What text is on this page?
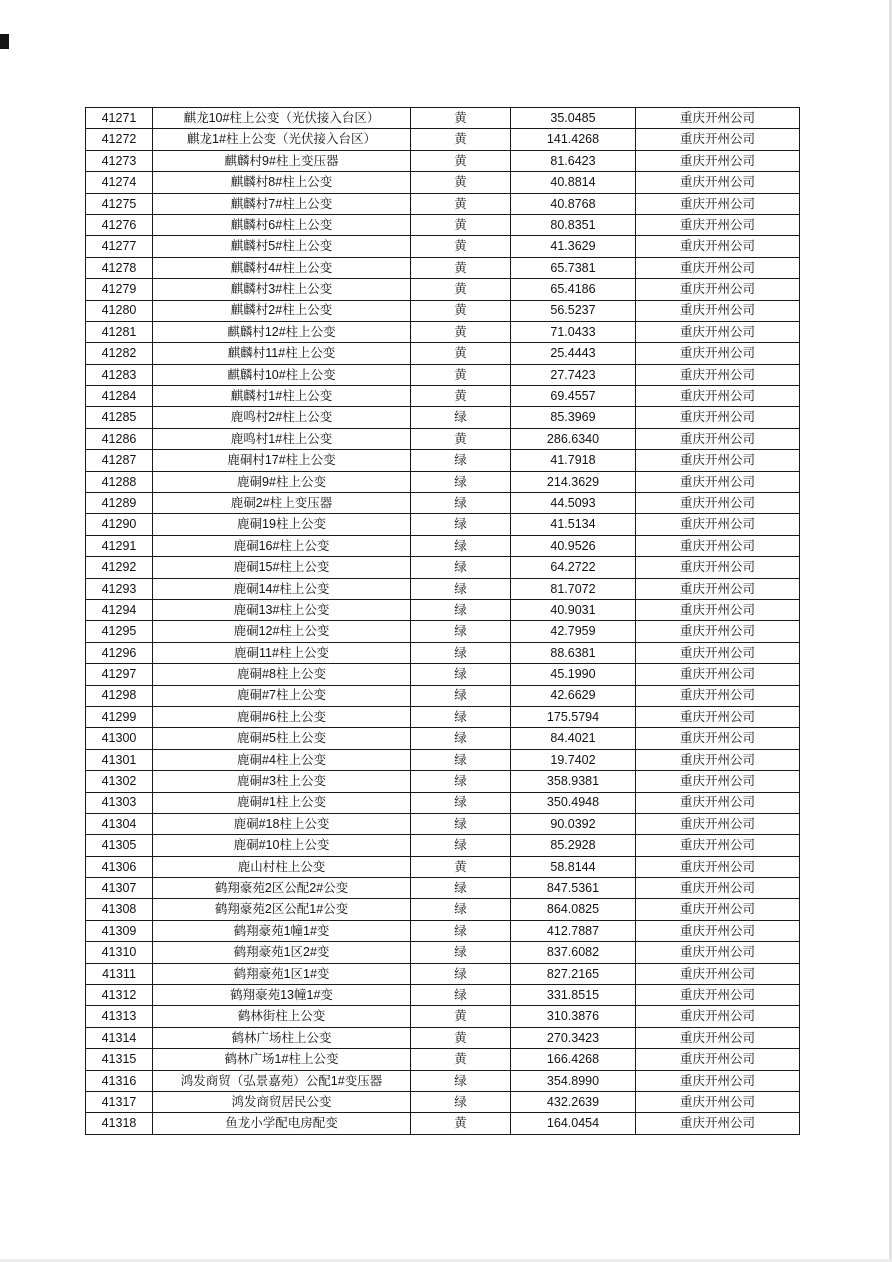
41271	麒龙10#柱上公变（光伏接入台区）	黄	35.0485	重庆开州公司
41272	麒龙1#柱上公变（光伏接入台区）	黄	141.4268	重庆开州公司
41273	麒麟村9#柱上变压器	黄	81.6423	重庆开州公司
41274	麒麟村8#柱上公变	黄	40.8814	重庆开州公司
41275	麒麟村7#柱上公变	黄	40.8768	重庆开州公司
41276	麒麟村6#柱上公变	黄	80.8351	重庆开州公司
41277	麒麟村5#柱上公变	黄	41.3629	重庆开州公司
41278	麒麟村4#柱上公变	黄	65.7381	重庆开州公司
41279	麒麟村3#柱上公变	黄	65.4186	重庆开州公司
41280	麒麟村2#柱上公变	黄	56.5237	重庆开州公司
41281	麒麟村12#柱上公变	黄	71.0433	重庆开州公司
41282	麒麟村11#柱上公变	黄	25.4443	重庆开州公司
41283	麒麟村10#柱上公变	黄	27.7423	重庆开州公司
41284	麒麟村1#柱上公变	黄	69.4557	重庆开州公司
41285	鹿鸣村2#柱上公变	绿	85.3969	重庆开州公司
41286	鹿鸣村1#柱上公变	黄	286.6340	重庆开州公司
41287	鹿硐村17#柱上公变	绿	41.7918	重庆开州公司
41288	鹿硐9#柱上公变	绿	214.3629	重庆开州公司
41289	鹿硐2#柱上变压器	绿	44.5093	重庆开州公司
41290	鹿硐19柱上公变	绿	41.5134	重庆开州公司
41291	鹿硐16#柱上公变	绿	40.9526	重庆开州公司
41292	鹿硐15#柱上公变	绿	64.2722	重庆开州公司
41293	鹿硐14#柱上公变	绿	81.7072	重庆开州公司
41294	鹿硐13#柱上公变	绿	40.9031	重庆开州公司
41295	鹿硐12#柱上公变	绿	42.7959	重庆开州公司
41296	鹿硐11#柱上公变	绿	88.6381	重庆开州公司
41297	鹿硐#8柱上公变	绿	45.1990	重庆开州公司
41298	鹿硐#7柱上公变	绿	42.6629	重庆开州公司
41299	鹿硐#6柱上公变	绿	175.5794	重庆开州公司
41300	鹿硐#5柱上公变	绿	84.4021	重庆开州公司
41301	鹿硐#4柱上公变	绿	19.7402	重庆开州公司
41302	鹿硐#3柱上公变	绿	358.9381	重庆开州公司
41303	鹿硐#1柱上公变	绿	350.4948	重庆开州公司
41304	鹿硐#18柱上公变	绿	90.0392	重庆开州公司
41305	鹿硐#10柱上公变	绿	85.2928	重庆开州公司
41306	鹿山村柱上公变	黄	58.8144	重庆开州公司
41307	鹤翔豪苑2区公配2#公变	绿	847.5361	重庆开州公司
41308	鹤翔豪苑2区公配1#公变	绿	864.0825	重庆开州公司
41309	鹤翔豪苑1幢1#变	绿	412.7887	重庆开州公司
41310	鹤翔豪苑1区2#变	绿	837.6082	重庆开州公司
41311	鹤翔豪苑1区1#变	绿	827.2165	重庆开州公司
41312	鹤翔豪苑13幢1#变	绿	331.8515	重庆开州公司
41313	鹤林街柱上公变	黄	310.3876	重庆开州公司
41314	鹤林广场柱上公变	黄	270.3423	重庆开州公司
41315	鹤林广场1#柱上公变	黄	166.4268	重庆开州公司
41316	鸿发商贸（弘景嘉苑）公配1#变压器	绿	354.8990	重庆开州公司
41317	鸿发商贸居民公变	绿	432.2639	重庆开州公司
41318	鱼龙小学配电房配变	黄	164.0454	重庆开州公司
